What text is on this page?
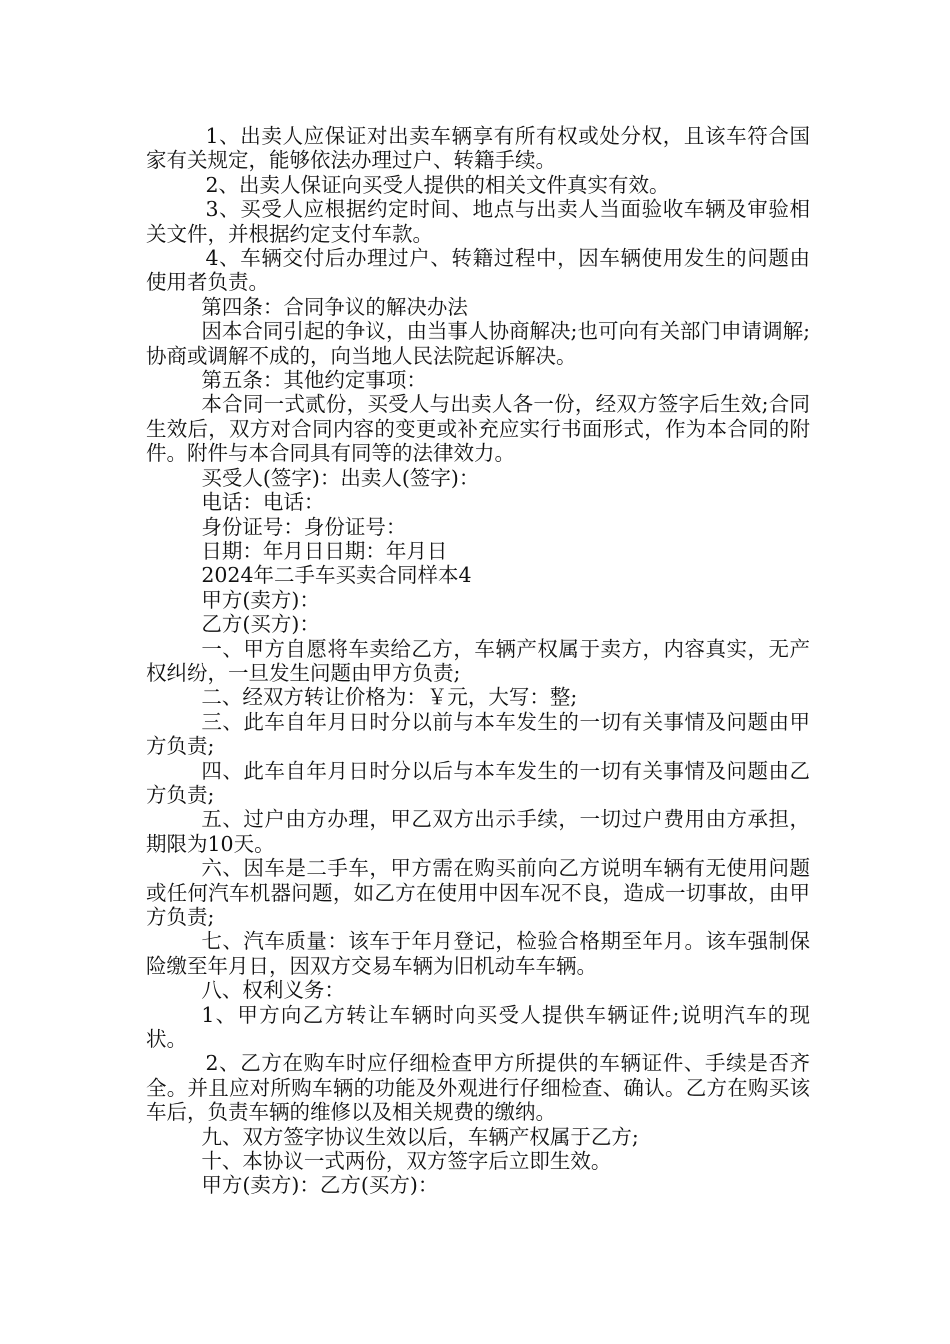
1、出卖人应保证对出卖车辆享有所有权或处分权，且该车符合国家有关规定，能够依法办理过户、转籍手续。

2、出卖人保证向买受人提供的相关文件真实有效。

3、买受人应根据约定时间、地点与出卖人当面验收车辆及审验相关文件，并根据约定支付车款。

4、车辆交付后办理过户、转籍过程中，因车辆使用发生的问题由使用者负责。

第四条：合同争议的解决办法

因本合同引起的争议，由当事人协商解决;也可向有关部门申请调解;协商或调解不成的，向当地人民法院起诉解决。

第五条：其他约定事项：

本合同一式贰份，买受人与出卖人各一份，经双方签字后生效;合同生效后，双方对合同内容的变更或补充应实行书面形式，作为本合同的附件。附件与本合同具有同等的法律效力。

买受人(签字)：出卖人(签字)：

电话：电话：

身份证号：身份证号：

日期：年月日日期：年月日

2024年二手车买卖合同样本4

甲方(卖方)：

乙方(买方)：

一、甲方自愿将车卖给乙方，车辆产权属于卖方，内容真实，无产权纠纷，一旦发生问题由甲方负责;

二、经双方转让价格为：￥元，大写：整;

三、此车自年月日时分以前与本车发生的一切有关事情及问题由甲方负责;

四、此车自年月日时分以后与本车发生的一切有关事情及问题由乙方负责;

五、过户由方办理，甲乙双方出示手续，一切过户费用由方承担，期限为10天。

六、因车是二手车，甲方需在购买前向乙方说明车辆有无使用问题或任何汽车机器问题，如乙方在使用中因车况不良，造成一切事故，由甲方负责;

七、汽车质量：该车于年月登记，检验合格期至年月。该车强制保险缴至年月日，因双方交易车辆为旧机动车车辆。

八、权利义务：

1、甲方向乙方转让车辆时向买受人提供车辆证件;说明汽车的现状。

2、乙方在购车时应仔细检查甲方所提供的车辆证件、手续是否齐全。并且应对所购车辆的功能及外观进行仔细检查、确认。乙方在购买该车后，负责车辆的维修以及相关规费的缴纳。

九、双方签字协议生效以后，车辆产权属于乙方;

十、本协议一式两份，双方签字后立即生效。

甲方(卖方)：乙方(买方)：
